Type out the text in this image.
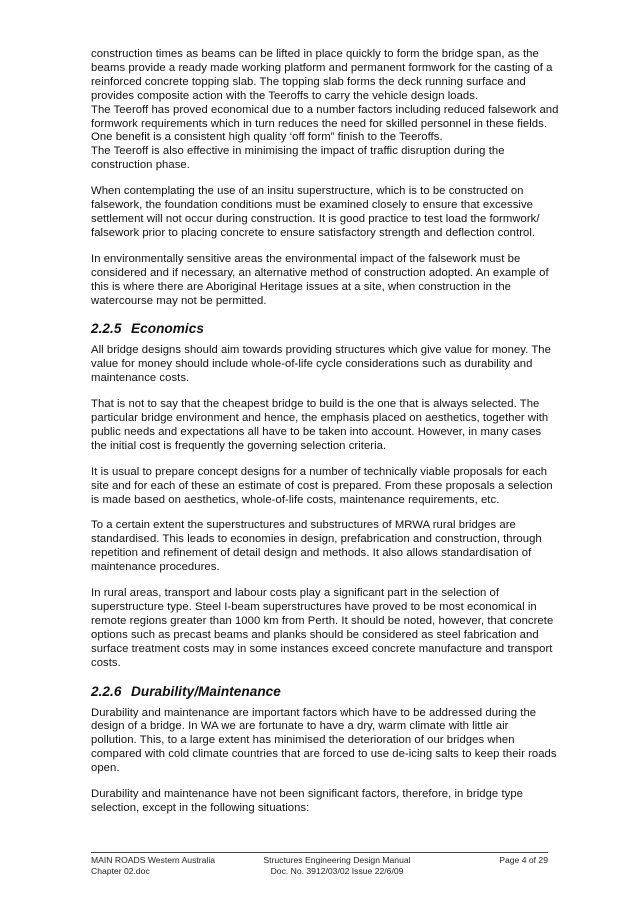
construction times as beams can be lifted in place quickly to form the bridge span, as the
beams provide a ready made working platform and permanent formwork for the casting of a
reinforced concrete topping slab. The topping slab forms the deck running surface and
provides composite action with the Teeroffs to carry the vehicle design loads.
The Teeroff has proved economical due to a number factors including reduced falsework and
formwork requirements which in turn reduces the need for skilled personnel in these fields.
One benefit is a consistent high quality ‘off form” finish to the Teeroffs.
The Teeroff is also effective in minimising the impact of traffic disruption during the
construction phase.

When contemplating the use of an insitu superstructure, which is to be constructed on
falsework, the foundation conditions must be examined closely to ensure that excessive
settlement will not occur during construction. It is good practice to test load the formwork/
falsework prior to placing concrete to ensure satisfactory strength and deflection control.

In environmentally sensitive areas the environmental impact of the falsework must be
considered and if necessary, an alternative method of construction adopted. An example of
this is where there are Aboriginal Heritage issues at a site, when construction in the
watercourse may not be permitted.

2.2.5 Economics

All bridge designs should aim towards providing structures which give value for money. The
value for money should include whole-of-life cycle considerations such as durability and
maintenance costs.

That is not to say that the cheapest bridge to build is the one that is always selected. The
particular bridge environment and hence, the emphasis placed on aesthetics, together with
public needs and expectations all have to be taken into account. However, in many cases
the initial cost is frequently the governing selection criteria.

It is usual to prepare concept designs for a number of technically viable proposals for each
site and for each of these an estimate of cost is prepared. From these proposals a selection
is made based on aesthetics, whole-of-life costs, maintenance requirements, etc.

To a certain extent the superstructures and substructures of MRWA rural bridges are
standardised. This leads to economies in design, prefabrication and construction, through
repetition and refinement of detail design and methods. It also allows standardisation of
maintenance procedures.

In rural areas, transport and labour costs play a significant part in the selection of
superstructure type. Steel I-beam superstructures have proved to be most economical in
remote regions greater than 1000 km from Perth. It should be noted, however, that concrete
options such as precast beams and planks should be considered as steel fabrication and
surface treatment costs may in some instances exceed concrete manufacture and transport
costs.

2.2.6 Durability/Maintenance

Durability and maintenance are important factors which have to be addressed during the
design of a bridge. In WA we are fortunate to have a dry, warm climate with little air
pollution. This, to a large extent has minimised the deterioration of our bridges when
compared with cold climate countries that are forced to use de-icing salts to keep their roads
open.

Durability and maintenance have not been significant factors, therefore, in bridge type
selection, except in the following situations:

MAIN ROADS Western Australia
Chapter 02.doc
Structures Engineering Design Manual
Doc. No. 3912/03/02 Issue 22/6/09
Page 4 of 29
